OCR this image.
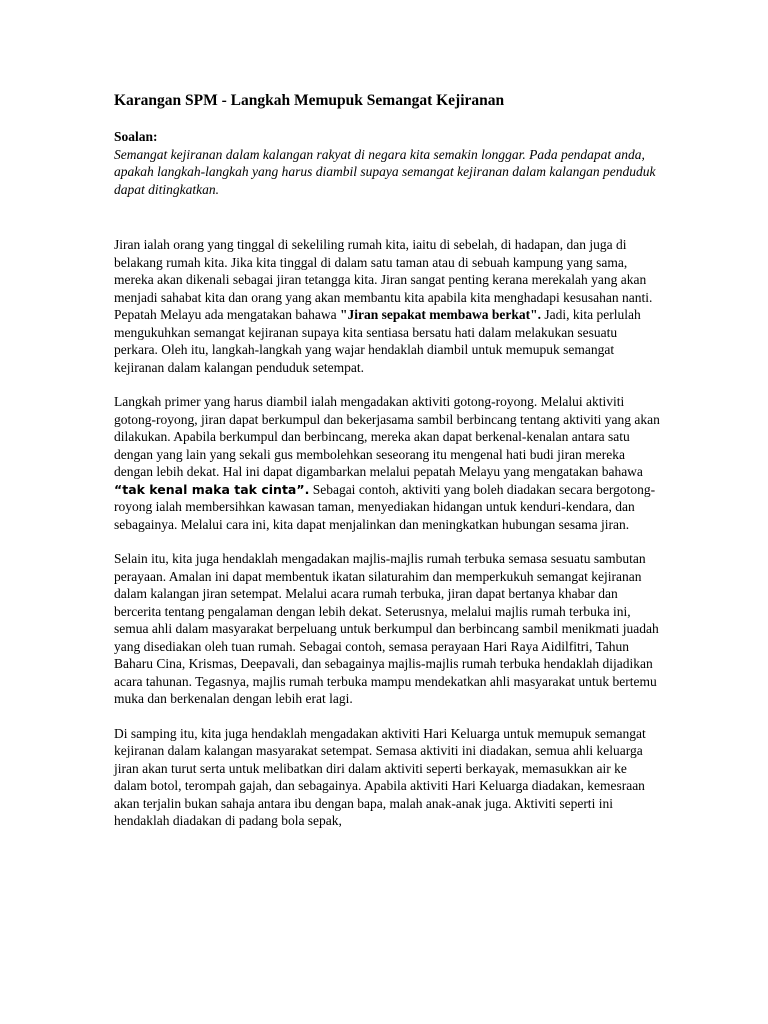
Karangan SPM - Langkah Memupuk Semangat Kejiranan
Soalan:

Semangat kejiranan dalam kalangan rakyat di negara kita semakin longgar. Pada pendapat anda, apakah langkah-langkah yang harus diambil supaya semangat kejiranan dalam kalangan penduduk dapat ditingkatkan.

Jiran ialah orang yang tinggal di sekeliling rumah kita, iaitu di sebelah, di hadapan, dan juga di belakang rumah kita. Jika kita tinggal di dalam satu taman atau di sebuah kampung yang sama, mereka akan dikenali sebagai jiran tetangga kita. Jiran sangat penting kerana merekalah yang akan menjadi sahabat kita dan orang yang akan membantu kita apabila kita menghadapi kesusahan nanti. Pepatah Melayu ada mengatakan bahawa "Jiran sepakat membawa berkat". Jadi, kita perlulah mengukuhkan semangat kejiranan supaya kita sentiasa bersatu hati dalam melakukan sesuatu perkara. Oleh itu, langkah-langkah yang wajar hendaklah diambil untuk memupuk semangat kejiranan dalam kalangan penduduk setempat.

Langkah primer yang harus diambil ialah mengadakan aktiviti gotong-royong. Melalui aktiviti gotong-royong, jiran dapat berkumpul dan bekerjasama sambil berbincang tentang aktiviti yang akan dilakukan. Apabila berkumpul dan berbincang, mereka akan dapat berkenal-kenalan antara satu dengan yang lain yang sekali gus membolehkan seseorang itu mengenal hati budi jiran mereka dengan lebih dekat. Hal ini dapat digambarkan melalui pepatah Melayu yang mengatakan bahawa “tak kenal maka tak cinta”. Sebagai contoh, aktiviti yang boleh diadakan secara bergotong-royong ialah membersihkan kawasan taman, menyediakan hidangan untuk kenduri-kendara, dan sebagainya. Melalui cara ini, kita dapat menjalinkan dan meningkatkan hubungan sesama jiran.

Selain itu, kita juga hendaklah mengadakan majlis-majlis rumah terbuka semasa sesuatu sambutan perayaan. Amalan ini dapat membentuk ikatan silaturahim dan memperkukuh semangat kejiranan dalam kalangan jiran setempat. Melalui acara rumah terbuka, jiran dapat bertanya khabar dan bercerita tentang pengalaman dengan lebih dekat. Seterusnya, melalui majlis rumah terbuka ini, semua ahli dalam masyarakat berpeluang untuk berkumpul dan berbincang sambil menikmati juadah yang disediakan oleh tuan rumah. Sebagai contoh, semasa perayaan Hari Raya Aidilfitri, Tahun Baharu Cina, Krismas, Deepavali, dan sebagainya majlis-majlis rumah terbuka hendaklah dijadikan acara tahunan. Tegasnya, majlis rumah terbuka mampu mendekatkan ahli masyarakat untuk bertemu muka dan berkenalan dengan lebih erat lagi.

Di samping itu, kita juga hendaklah mengadakan aktiviti Hari Keluarga untuk memupuk semangat kejiranan dalam kalangan masyarakat setempat. Semasa aktiviti ini diadakan, semua ahli keluarga jiran akan turut serta untuk melibatkan diri dalam aktiviti seperti berkayak, memasukkan air ke dalam botol, terompah gajah, dan sebagainya. Apabila aktiviti Hari Keluarga diadakan, kemesraan akan terjalin bukan sahaja antara ibu dengan bapa, malah anak-anak juga. Aktiviti seperti ini hendaklah diadakan di padang bola sepak,
